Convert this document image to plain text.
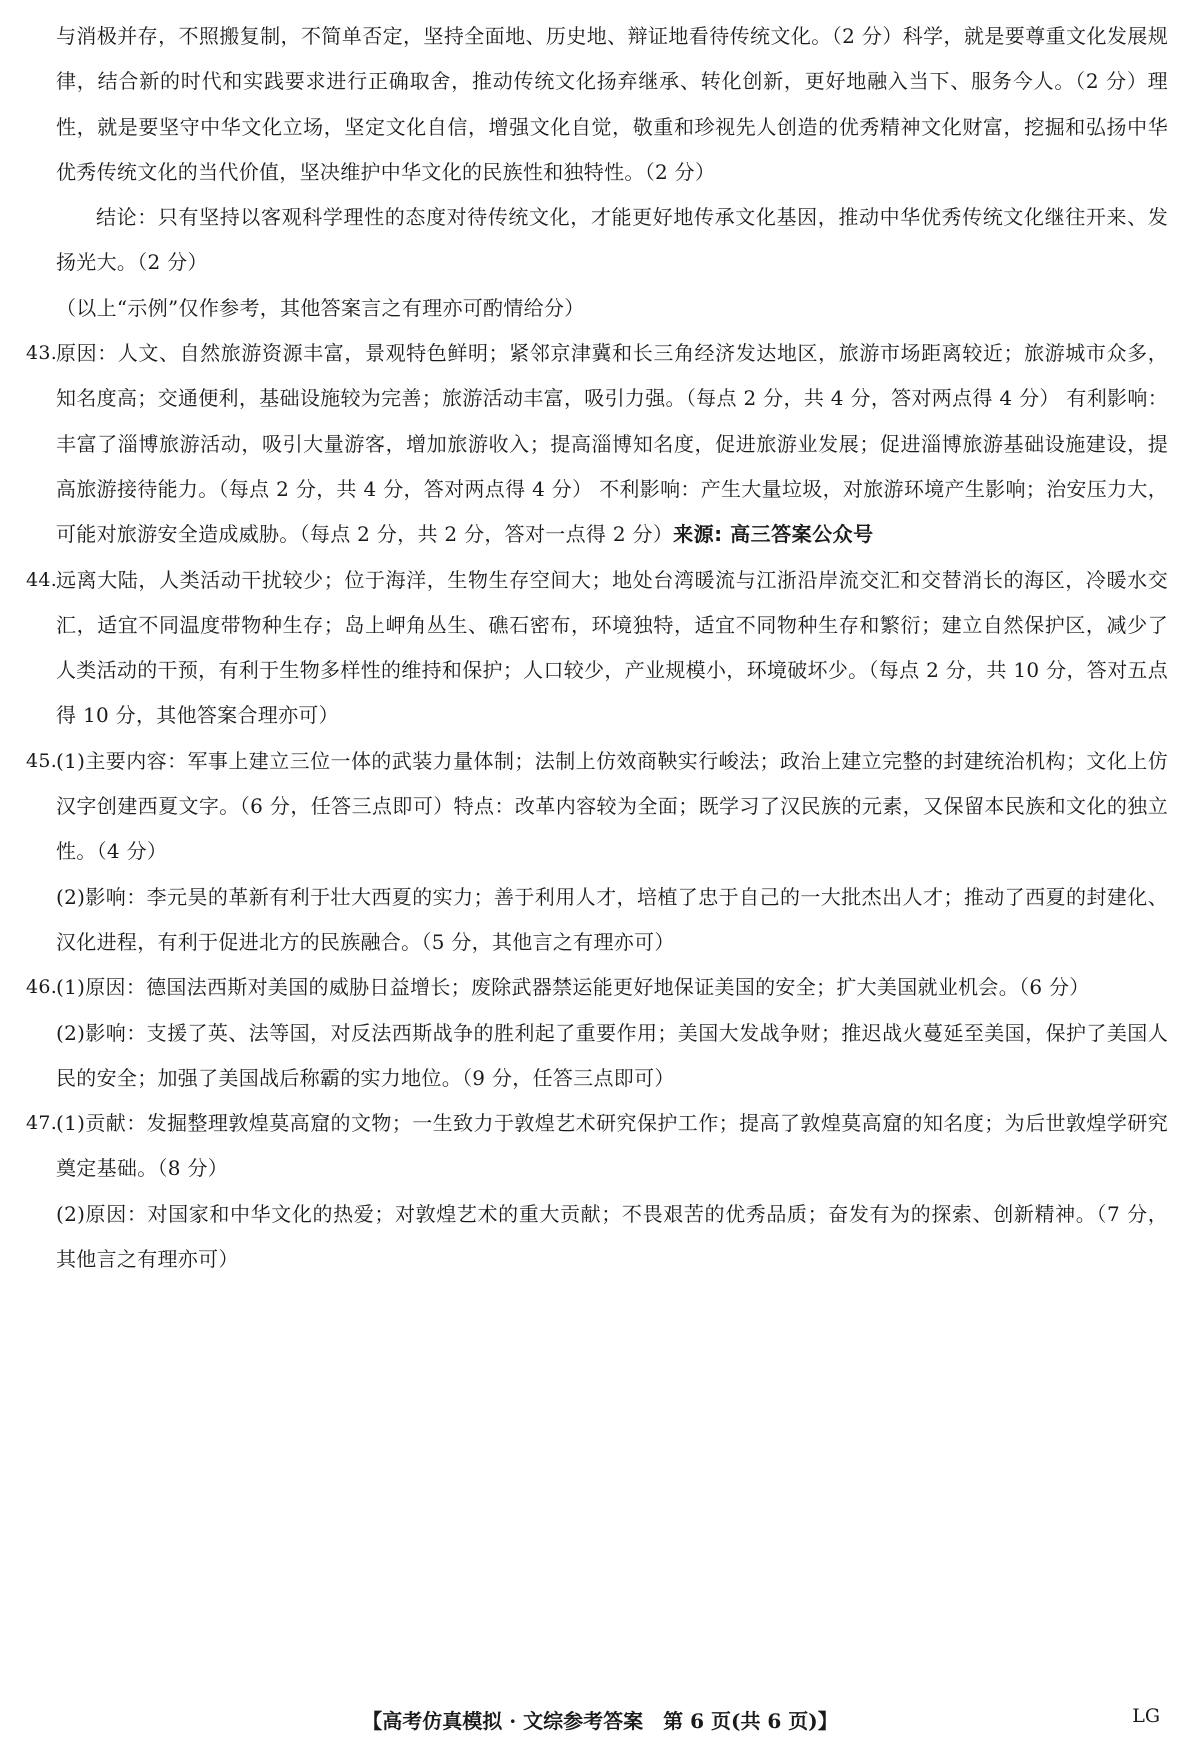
与消极并存，不照搬复制，不简单否定，坚持全面地、历史地、辩证地看待传统文化。（2 分）科学，就是要尊重文化发展规律，结合新的时代和实践要求进行正确取舍，推动传统文化扬弃继承、转化创新，更好地融入当下、服务今人。（2 分）理性，就是要坚守中华文化立场，坚定文化自信，增强文化自觉，敬重和珍视先人创造的优秀精神文化财富，挖掘和弘扬中华优秀传统文化的当代价值，坚决维护中华文化的民族性和独特性。（2 分）

结论：只有坚持以客观科学理性的态度对待传统文化，才能更好地传承文化基因，推动中华优秀传统文化继往开来、发扬光大。（2 分）

（以上“示例”仅作参考，其他答案言之有理亦可酌情给分）

43.

原因：人文、自然旅游资源丰富，景观特色鲜明；紧邻京津冀和长三角经济发达地区，旅游市场距离较近；旅游城市众多，知名度高；交通便利，基础设施较为完善；旅游活动丰富，吸引力强。（每点 2 分，共 4 分，答对两点得 4 分） 有利影响：丰富了淄博旅游活动，吸引大量游客，增加旅游收入；提高淄博知名度，促进旅游业发展；促进淄博旅游基础设施建设，提高旅游接待能力。（每点 2 分，共 4 分，答对两点得 4 分） 不利影响：产生大量垃圾，对旅游环境产生影响；治安压力大，可能对旅游安全造成威胁。（每点 2 分，共 2 分，答对一点得 2 分）来源: 高三答案公众号

44.

远离大陆，人类活动干扰较少；位于海洋，生物生存空间大；地处台湾暖流与江浙沿岸流交汇和交替消长的海区，冷暖水交汇，适宜不同温度带物种生存；岛上岬角丛生、礁石密布，环境独特，适宜不同物种生存和繁衍；建立自然保护区，减少了人类活动的干预，有利于生物多样性的维持和保护；人口较少，产业规模小，环境破坏少。（每点 2 分，共 10 分，答对五点得 10 分，其他答案合理亦可）

45.

(1)主要内容：军事上建立三位一体的武装力量体制；法制上仿效商鞅实行峻法；政治上建立完整的封建统治机构；文化上仿汉字创建西夏文字。（6 分，任答三点即可）特点：改革内容较为全面；既学习了汉民族的元素，又保留本民族和文化的独立性。（4 分）

(2)影响：李元昊的革新有利于壮大西夏的实力；善于利用人才，培植了忠于自己的一大批杰出人才；推动了西夏的封建化、汉化进程，有利于促进北方的民族融合。（5 分，其他言之有理亦可）

46.

(1)原因：德国法西斯对美国的威胁日益增长；废除武器禁运能更好地保证美国的安全；扩大美国就业机会。（6 分）

(2)影响：支援了英、法等国，对反法西斯战争的胜利起了重要作用；美国大发战争财；推迟战火蔓延至美国，保护了美国人民的安全；加强了美国战后称霸的实力地位。（9 分，任答三点即可）

47.

(1)贡献：发掘整理敦煌莫高窟的文物；一生致力于敦煌艺术研究保护工作；提高了敦煌莫高窟的知名度；为后世敦煌学研究奠定基础。（8 分）

(2)原因：对国家和中华文化的热爱；对敦煌艺术的重大贡献；不畏艰苦的优秀品质；奋发有为的探索、创新精神。（7 分，其他言之有理亦可）

【高考仿真模拟 · 文综参考答案　第 6 页(共 6 页)】	LG
